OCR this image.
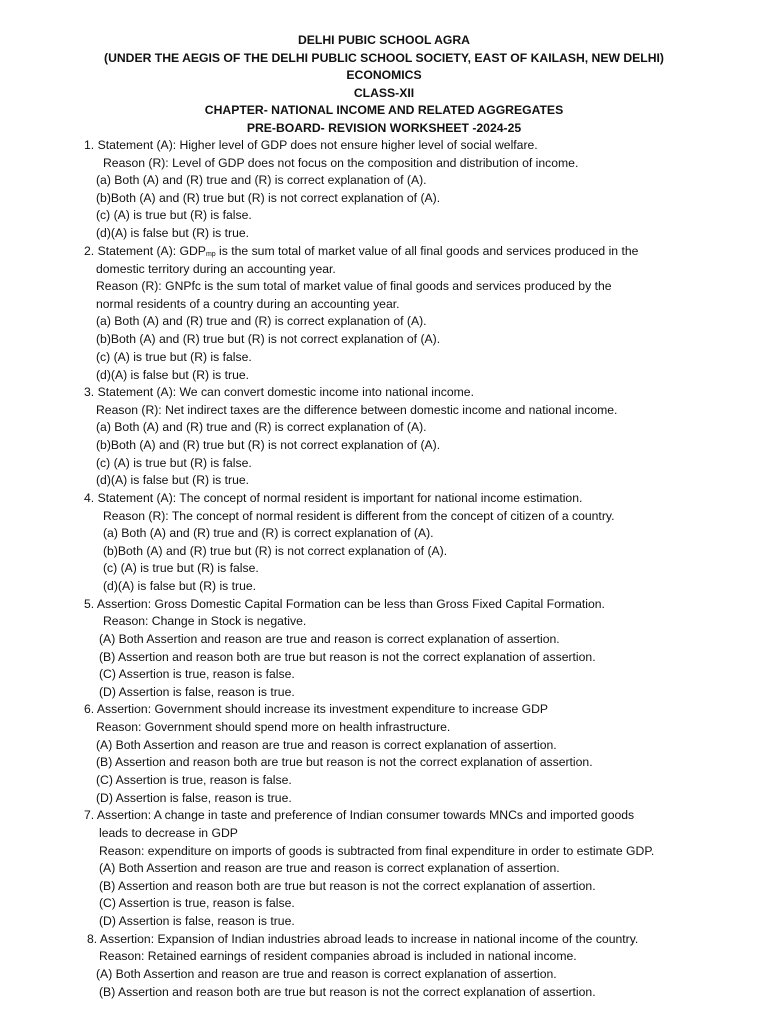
DELHI PUBIC SCHOOL AGRA
(UNDER THE AEGIS OF THE DELHI PUBLIC SCHOOL SOCIETY, EAST OF KAILASH, NEW DELHI)
ECONOMICS
CLASS-XII
CHAPTER- NATIONAL INCOME AND RELATED AGGREGATES
PRE-BOARD- REVISION WORKSHEET -2024-25
1. Statement (A): Higher level of GDP does not ensure higher level of social welfare.
Reason (R): Level of GDP does not focus on the composition and distribution of income.
(a) Both (A) and (R) true and (R) is correct explanation of (A).
(b)Both (A) and (R) true but (R) is not correct explanation of (A).
(c) (A) is true but (R) is false.
(d)(A) is false but (R) is true.
2. Statement (A): $GDP_{mp}$ is the sum total of market value of all final goods and services produced in the
domestic territory during an accounting year.
Reason (R): GNPfc is the sum total of market value of final goods and services produced by the
normal residents of a country during an accounting year.
(a) Both (A) and (R) true and (R) is correct explanation of (A).
(b)Both (A) and (R) true but (R) is not correct explanation of (A).
(c) (A) is true but (R) is false.
(d)(A) is false but (R) is true.
3. Statement (A): We can convert domestic income into national income.
Reason (R): Net indirect taxes are the difference between domestic income and national income.
(a) Both (A) and (R) true and (R) is correct explanation of (A).
(b)Both (A) and (R) true but (R) is not correct explanation of (A).
(c) (A) is true but (R) is false.
(d)(A) is false but (R) is true.
4. Statement (A): The concept of normal resident is important for national income estimation.
Reason (R): The concept of normal resident is different from the concept of citizen of a country.
(a) Both (A) and (R) true and (R) is correct explanation of (A).
(b)Both (A) and (R) true but (R) is not correct explanation of (A).
(c) (A) is true but (R) is false.
(d)(A) is false but (R) is true.
5. Assertion: Gross Domestic Capital Formation can be less than Gross Fixed Capital Formation.
Reason: Change in Stock is negative.
(A) Both Assertion and reason are true and reason is correct explanation of assertion.
(B) Assertion and reason both are true but reason is not the correct explanation of assertion.
(C) Assertion is true, reason is false.
(D) Assertion is false, reason is true.
6. Assertion: Government should increase its investment expenditure to increase GDP
Reason: Government should spend more on health infrastructure.
(A) Both Assertion and reason are true and reason is correct explanation of assertion.
(B) Assertion and reason both are true but reason is not the correct explanation of assertion.
(C) Assertion is true, reason is false.
(D) Assertion is false, reason is true.
7. Assertion: A change in taste and preference of Indian consumer towards MNCs and imported goods
leads to decrease in GDP
Reason: expenditure on imports of goods is subtracted from final expenditure in order to estimate GDP.
(A) Both Assertion and reason are true and reason is correct explanation of assertion.
(B) Assertion and reason both are true but reason is not the correct explanation of assertion.
(C) Assertion is true, reason is false.
(D) Assertion is false, reason is true.
8. Assertion: Expansion of Indian industries abroad leads to increase in national income of the country.
Reason: Retained earnings of resident companies abroad is included in national income.
(A) Both Assertion and reason are true and reason is correct explanation of assertion.
(B) Assertion and reason both are true but reason is not the correct explanation of assertion.
